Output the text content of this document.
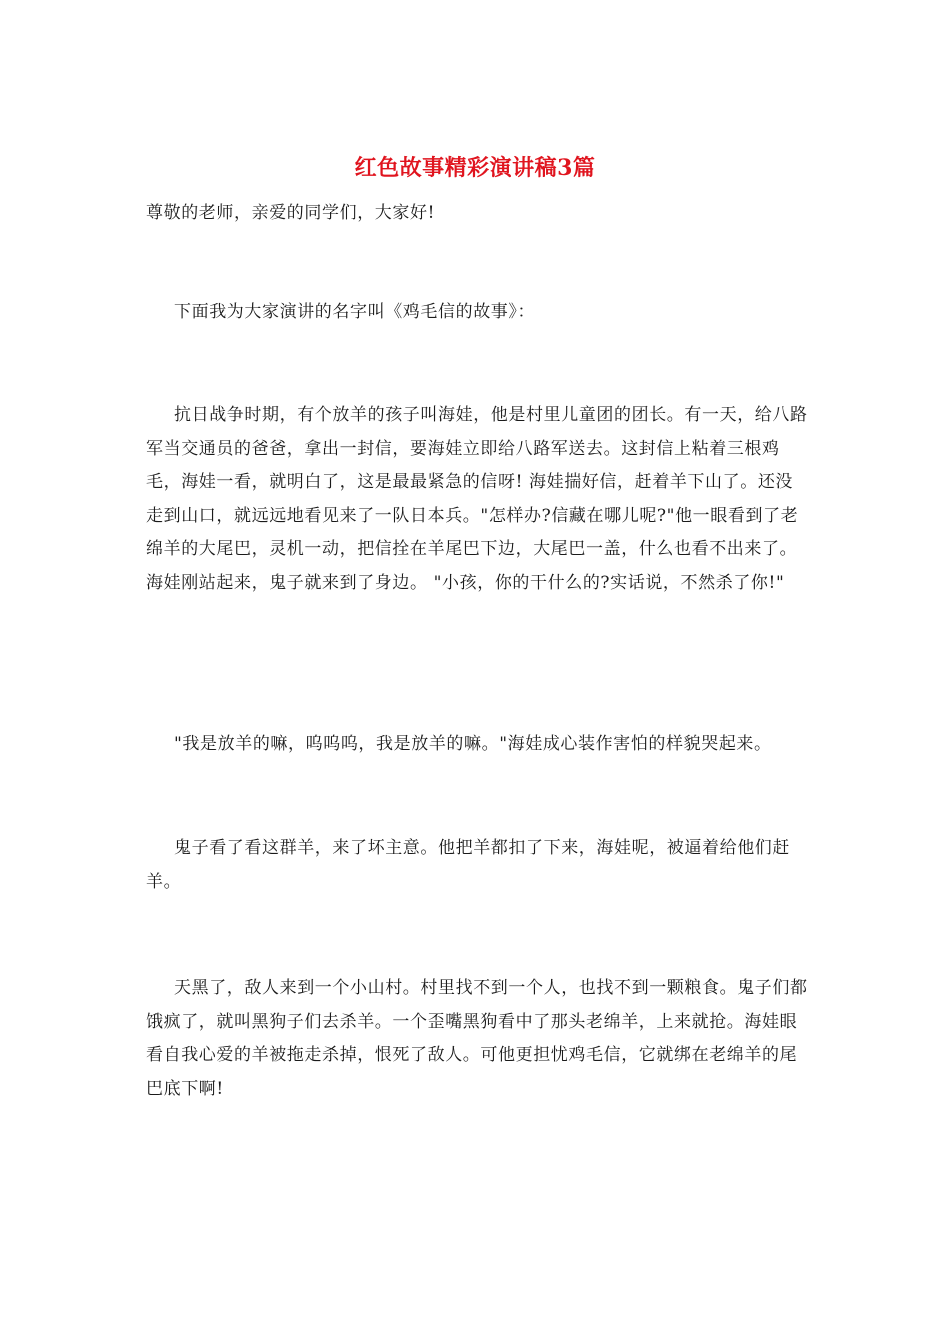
红色故事精彩演讲稿3篇

尊敬的老师，亲爱的同学们，大家好!

下面我为大家演讲的名字叫《鸡毛信的故事》：

抗日战争时期，有个放羊的孩子叫海娃，他是村里儿童团的团长。有一天，给八路军当交通员的爸爸，拿出一封信，要海娃立即给八路军送去。这封信上粘着三根鸡毛，海娃一看，就明白了，这是最最紧急的信呀! 海娃揣好信，赶着羊下山了。还没走到山口，就远远地看见来了一队日本兵。"怎样办?信藏在哪儿呢?"他一眼看到了老绵羊的大尾巴，灵机一动，把信拴在羊尾巴下边，大尾巴一盖，什么也看不出来了。海娃刚站起来，鬼子就来到了身边。 "小孩，你的干什么的?实话说，不然杀了你!"

"我是放羊的嘛，呜呜呜，我是放羊的嘛。"海娃成心装作害怕的样貌哭起来。

鬼子看了看这群羊，来了坏主意。他把羊都扣了下来，海娃呢，被逼着给他们赶羊。

天黑了，敌人来到一个小山村。村里找不到一个人，也找不到一颗粮食。鬼子们都饿疯了，就叫黑狗子们去杀羊。一个歪嘴黑狗看中了那头老绵羊，上来就抢。海娃眼看自我心爱的羊被拖走杀掉，恨死了敌人。可他更担忧鸡毛信，它就绑在老绵羊的尾巴底下啊!
